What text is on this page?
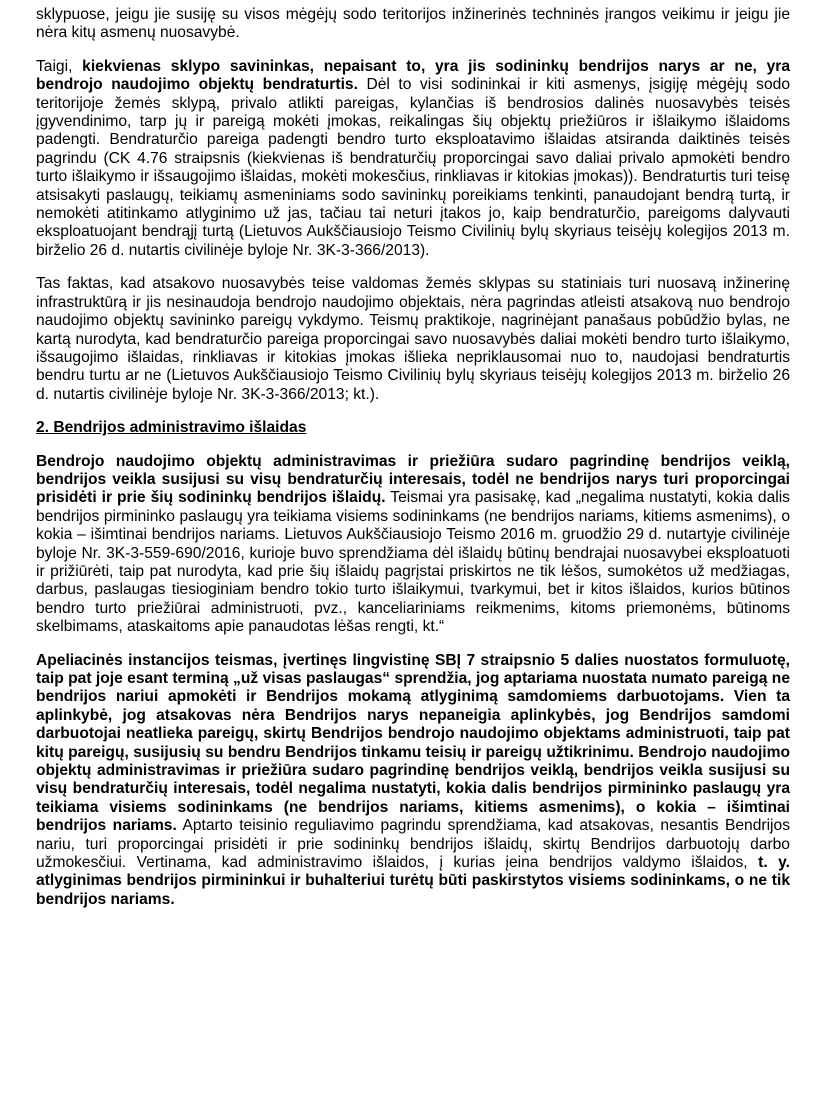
sklypuose, jeigu jie susiję su visos mėgėjų sodo teritorijos inžinerinės techninės įrangos veikimu ir jeigu jie nėra kitų asmenų nuosavybė.

Taigi, kiekvienas sklypo savininkas, nepaisant to, yra jis sodininkų bendrijos narys ar ne, yra bendrojo naudojimo objektų bendraturtis. Dėl to visi sodininkai ir kiti asmenys, įsigiję mėgėjų sodo teritorijoje žemės sklypą, privalo atlikti pareigas, kylančias iš bendrosios dalinės nuosavybės teisės įgyvendinimo, tarp jų ir pareigą mokėti įmokas, reikalingas šių objektų priežiūros ir išlaikymo išlaidoms padengti. Bendraturčio pareiga padengti bendro turto eksploatavimo išlaidas atsiranda daiktinės teisės pagrindu (CK 4.76 straipsnis (kiekvienas iš bendraturčių proporcingai savo daliai privalo apmokėti bendro turto išlaikymo ir išsaugojimo išlaidas, mokėti mokesčius, rinkliavas ir kitokias įmokas)). Bendraturtis turi teisę atsisakyti paslaugų, teikiamų asmeniniams sodo savininkų poreikiams tenkinti, panaudojant bendrą turtą, ir nemokėti atitinkamo atlyginimo už jas, tačiau tai neturi įtakos jo, kaip bendraturčio, pareigoms dalyvauti eksploatuojant bendrąjį turtą (Lietuvos Aukščiausiojo Teismo Civilinių bylų skyriaus teisėjų kolegijos 2013 m. birželio 26 d. nutartis civilinėje byloje Nr. 3K-3-366/2013).

Tas faktas, kad atsakovo nuosavybės teise valdomas žemės sklypas su statiniais turi nuosavą inžinerinę infrastruktūrą ir jis nesinaudoja bendrojo naudojimo objektais, nėra pagrindas atleisti atsakovą nuo bendrojo naudojimo objektų savininko pareigų vykdymo. Teismų praktikoje, nagrinėjant panašaus pobūdžio bylas, ne kartą nurodyta, kad bendraturčio pareiga proporcingai savo nuosavybės daliai mokėti bendro turto išlaikymo, išsaugojimo išlaidas, rinkliavas ir kitokias įmokas išlieka nepriklausomai nuo to, naudojasi bendraturtis bendru turtu ar ne (Lietuvos Aukščiausiojo Teismo Civilinių bylų skyriaus teisėjų kolegijos 2013 m. birželio 26 d. nutartis civilinėje byloje Nr. 3K-3-366/2013; kt.).

2. Bendrijos administravimo išlaidas

Bendrojo naudojimo objektų administravimas ir priežiūra sudaro pagrindinę bendrijos veiklą, bendrijos veikla susijusi su visų bendraturčių interesais, todėl ne bendrijos narys turi proporcingai prisidėti ir prie šių sodininkų bendrijos išlaidų. Teismai yra pasisakę, kad „negalima nustatyti, kokia dalis bendrijos pirmininko paslaugų yra teikiama visiems sodininkams (ne bendrijos nariams, kitiems asmenims), o kokia – išimtinai bendrijos nariams. Lietuvos Aukščiausiojo Teismo 2016 m. gruodžio 29 d. nutartyje civilinėje byloje Nr. 3K-3-559-690/2016, kurioje buvo sprendžiama dėl išlaidų būtinų bendrajai nuosavybei eksploatuoti ir prižiūrėti, taip pat nurodyta, kad prie šių išlaidų pagrįstai priskirtos ne tik lėšos, sumokėtos už medžiagas, darbus, paslaugas tiesioginiam bendro tokio turto išlaikymui, tvarkymui, bet ir kitos išlaidos, kurios būtinos bendro turto priežiūrai administruoti, pvz., kanceliariniams reikmenims, kitoms priemonėms, būtinoms skelbimams, ataskaitoms apie panaudotas lėšas rengti, kt.“

Apeliacinės instancijos teismas, įvertinęs lingvistinę SBĮ 7 straipsnio 5 dalies nuostatos formuluotę, taip pat joje esant terminą „už visas paslaugas“ sprendžia, jog aptariama nuostata numato pareigą ne bendrijos nariui apmokėti ir Bendrijos mokamą atlyginimą samdomiems darbuotojams. Vien ta aplinkybė, jog atsakovas nėra Bendrijos narys nepaneigia aplinkybės, jog Bendrijos samdomi darbuotojai neatlieka pareigų, skirtų Bendrijos bendrojo naudojimo objektams administruoti, taip pat kitų pareigų, susijusių su bendru Bendrijos tinkamu teisių ir pareigų užtikrinimu. Bendrojo naudojimo objektų administravimas ir priežiūra sudaro pagrindinę bendrijos veiklą, bendrijos veikla susijusi su visų bendraturčių interesais, todėl negalima nustatyti, kokia dalis bendrijos pirmininko paslaugų yra teikiama visiems sodininkams (ne bendrijos nariams, kitiems asmenims), o kokia – išimtinai bendrijos nariams. Aptarto teisinio reguliavimo pagrindu sprendžiama, kad atsakovas, nesantis Bendrijos nariu, turi proporcingai prisidėti ir prie sodininkų bendrijos išlaidų, skirtų Bendrijos darbuotojų darbo užmokesčiui. Vertinama, kad administravimo išlaidos, į kurias įeina bendrijos valdymo išlaidos, t. y. atlyginimas bendrijos pirmininkui ir buhalteriui turėtų būti paskirstytos visiems sodininkams, o ne tik bendrijos nariams.
